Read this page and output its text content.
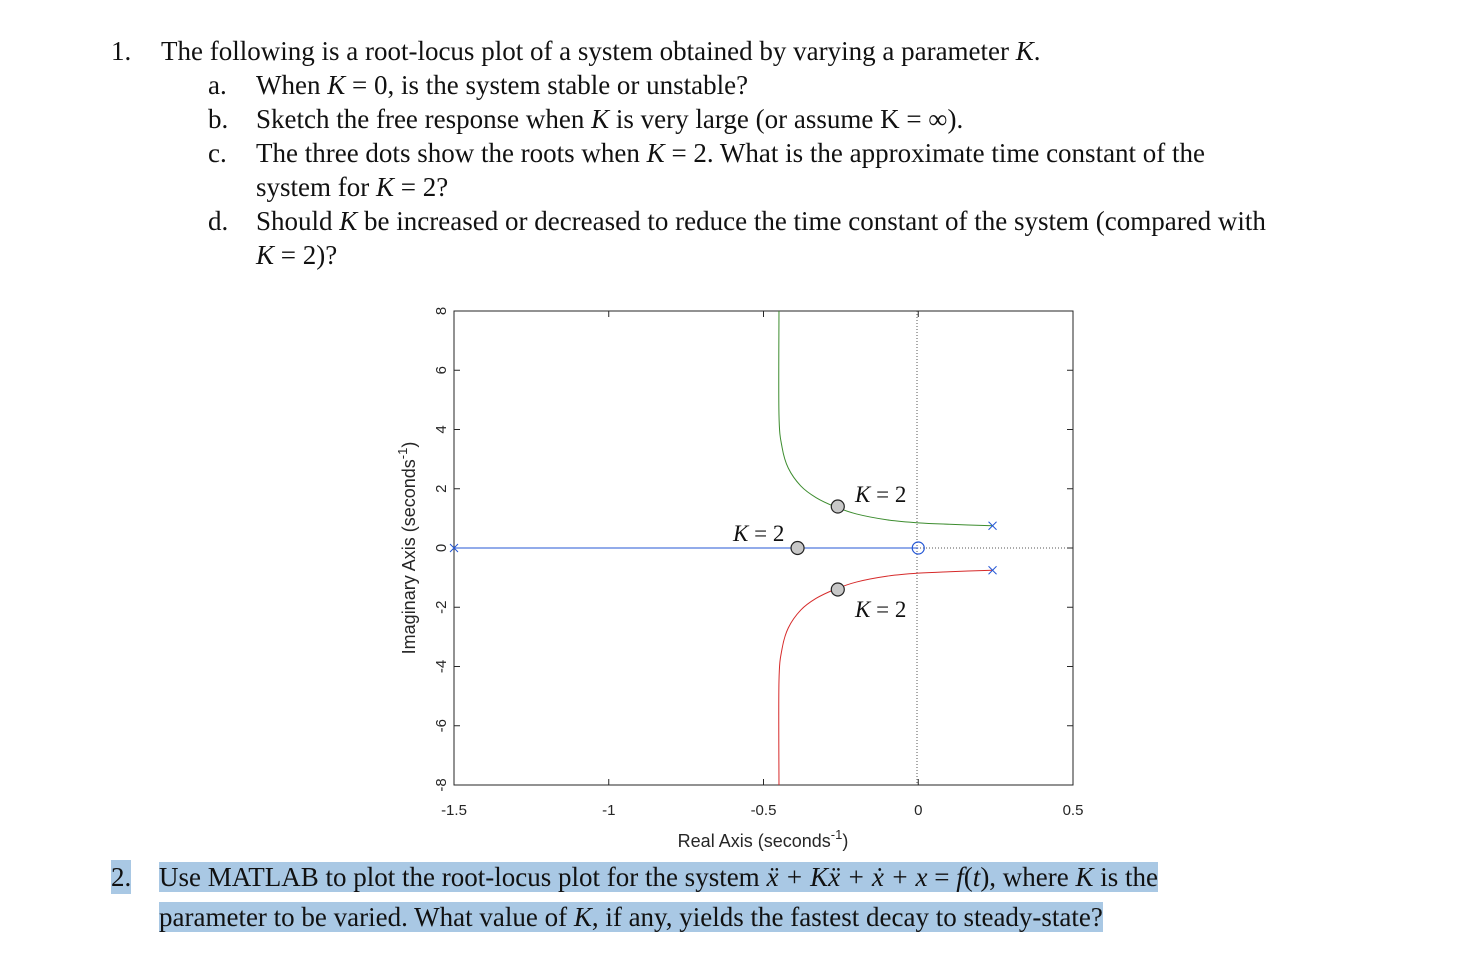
1. The following is a root-locus plot of a system obtained by varying a parameter K.
a. When K = 0, is the system stable or unstable?
b. Sketch the free response when K is very large (or assume K = ∞).
c. The three dots show the roots when K = 2. What is the approximate time constant of the
system for K = 2?
d. Should K be increased or decreased to reduce the time constant of the system (compared with
K = 2)?
-1.5	-1	-0.5	0	0.5
-8
-6
-4
-2
0
2
4
6
8
K = 2
K = 2
K = 2
Real Axis (seconds$^{-1}$)
Imaginary Axis (seconds$^{-1}$)
2. Use MATLAB to plot the root-locus plot for the system ẍ + Kẍ + ẋ + x = f(t), where K is the
parameter to be varied. What value of K, if any, yields the fastest decay to steady-state?
